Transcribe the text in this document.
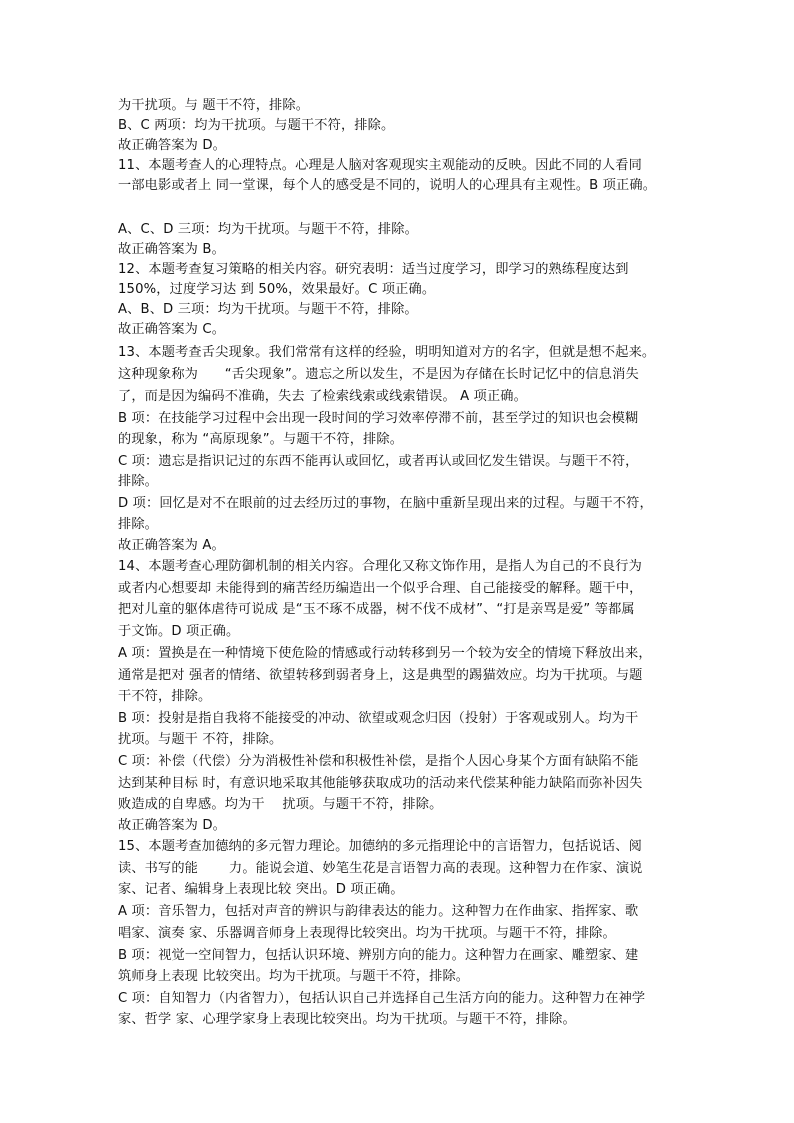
为干扰项。与 题干不符，排除。
B、C 两项：均为干扰项。与题干不符，排除。
故正确答案为 D。
11、本题考查人的心理特点。心理是人脑对客观现实主观能动的反映。因此不同的人看同
一部电影或者上 同一堂课，每个人的感受是不同的，说明人的心理具有主观性。B 项正确。
A、C、D 三项：均为干扰项。与题干不符，排除。
故正确答案为 B。
12、本题考查复习策略的相关内容。研究表明：适当过度学习，即学习的熟练程度达到
150%，过度学习达 到 50%，效果最好。C 项正确。
A、B、D 三项：均为干扰项。与题干不符，排除。
故正确答案为 C。
13、本题考查舌尖现象。我们常常有这样的经验，明明知道对方的名字，但就是想不起来。
这种现象称为　　“舌尖现象”。遗忘之所以发生，不是因为存储在长时记忆中的信息消失
了，而是因为编码不准确，失去 了检索线索或线索错误。 A 项正确。
B 项：在技能学习过程中会出现一段时间的学习效率停滞不前，甚至学过的知识也会模糊
的现象，称为 “高原现象”。与题干不符，排除。
C 项：遗忘是指识记过的东西不能再认或回忆，或者再认或回忆发生错误。与题干不符，
排除。
D 项：回忆是对不在眼前的过去经历过的事物，在脑中重新呈现出来的过程。与题干不符，
排除。
故正确答案为 A。
14、本题考查心理防御机制的相关内容。合理化又称文饰作用，是指人为自己的不良行为
或者内心想要却 未能得到的痛苦经历编造出一个似乎合理、自己能接受的解释。题干中，
把对儿童的躯体虐待可说成 是“玉不琢不成器，树不伐不成材”、“打是亲骂是爱” 等都属
于文饰。D 项正确。
A 项：置换是在一种情境下使危险的情感或行动转移到另一个较为安全的情境下释放出来，
通常是把对 强者的情绪、欲望转移到弱者身上，这是典型的踢猫效应。均为干扰项。与题
干不符，排除。
B 项：投射是指自我将不能接受的冲动、欲望或观念归因（投射）于客观或别人。均为干
扰项。与题干 不符，排除。
C 项：补偿（代偿）分为消极性补偿和积极性补偿，是指个人因心身某个方面有缺陷不能
达到某种目标 时，有意识地采取其他能够获取成功的活动来代偿某种能力缺陷而弥补因失
败造成的自卑感。均为干　 扰项。与题干不符，排除。
故正确答案为 D。
15、本题考查加德纳的多元智力理论。加德纳的多元指理论中的言语智力，包括说话、阅
读、书写的能　　 力。能说会道、妙笔生花是言语智力高的表现。这种智力在作家、演说
家、记者、编辑身上表现比较 突出。D 项正确。
A 项：音乐智力，包括对声音的辨识与韵律表达的能力。这种智力在作曲家、指挥家、歌
唱家、演奏 家、乐器调音师身上表现得比较突出。均为干扰项。与题干不符，排除。
B 项：视觉一空间智力，包括认识环境、辨别方向的能力。这种智力在画家、雕塑家、建
筑师身上表现 比较突出。均为干扰项。与题干不符，排除。
C 项：自知智力（内省智力），包括认识自己并选择自己生活方向的能力。这种智力在神学
家、哲学 家、心理学家身上表现比较突出。均为干扰项。与题干不符，排除。
